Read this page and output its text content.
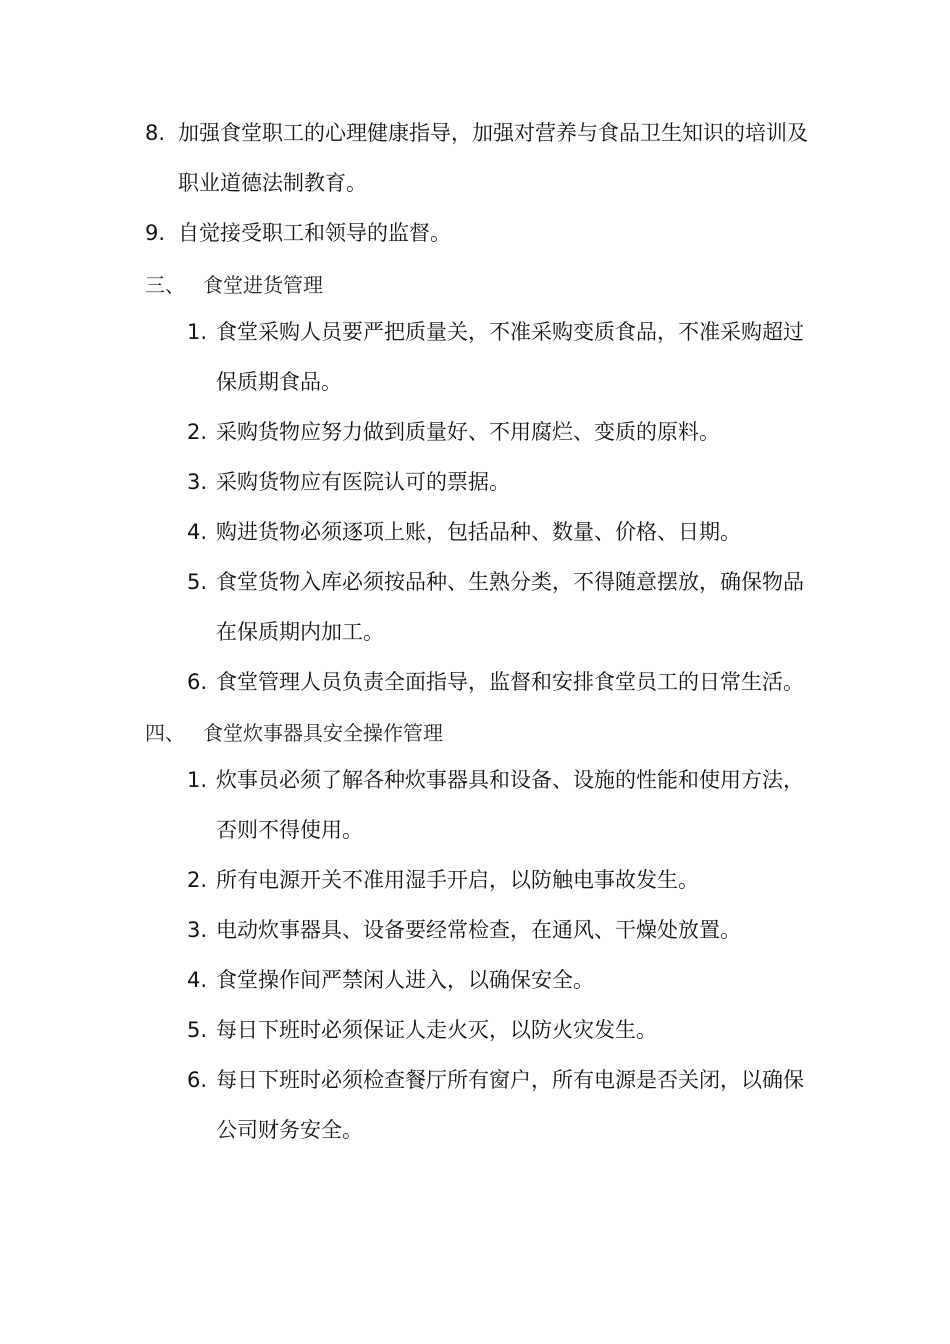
8. 加强食堂职工的心理健康指导，加强对营养与食品卫生知识的培训及
职业道德法制教育。
9. 自觉接受职工和领导的监督。
三、 食堂进货管理
1. 食堂采购人员要严把质量关，不准采购变质食品，不准采购超过
保质期食品。
2. 采购货物应努力做到质量好、不用腐烂、变质的原料。
3. 采购货物应有医院认可的票据。
4. 购进货物必须逐项上账，包括品种、数量、价格、日期。
5. 食堂货物入库必须按品种、生熟分类，不得随意摆放，确保物品
在保质期内加工。
6. 食堂管理人员负责全面指导，监督和安排食堂员工的日常生活。
四、 食堂炊事器具安全操作管理
1. 炊事员必须了解各种炊事器具和设备、设施的性能和使用方法，
否则不得使用。
2. 所有电源开关不准用湿手开启，以防触电事故发生。
3. 电动炊事器具、设备要经常检查，在通风、干燥处放置。
4. 食堂操作间严禁闲人进入，以确保安全。
5. 每日下班时必须保证人走火灭，以防火灾发生。
6. 每日下班时必须检查餐厅所有窗户，所有电源是否关闭，以确保
公司财务安全。
